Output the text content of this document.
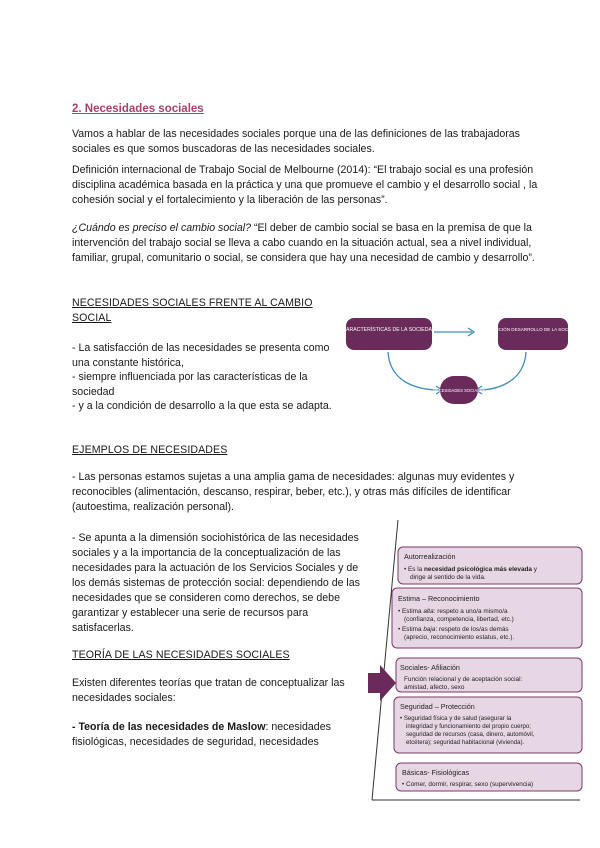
2. Necesidades sociales

Vamos a hablar de las necesidades sociales porque una de las definiciones de las trabajadoras sociales es que somos buscadoras de las necesidades sociales.

Definición internacional de Trabajo Social de Melbourne (2014): “El trabajo social es una profesión disciplina académica basada en la práctica y una que promueve el cambio y el desarrollo social , la cohesión social y el fortalecimiento y la liberación de las personas”.

¿Cuándo es preciso el cambio social? “El deber de cambio social se basa en la premisa de que la intervención del trabajo social se lleva a cabo cuando en la situación actual, sea a nivel individual, familiar, grupal, comunitario o social, se considera que hay una necesidad de cambio y desarrollo”.

NECESIDADES SOCIALES FRENTE AL CAMBIO SOCIAL

- La satisfacción de las necesidades se presenta como una constante histórica,

- siempre influenciada por las características de la sociedad

- y a la condición de desarrollo a la que esta se adapta.

CARACTERÍSTICAS DE LA SOCIEDAD	CONDICIÓN DESARROLLO DE LA SOCIEDAD
NECESIDADES SOCIALES

EJEMPLOS DE NECESIDADES

- Las personas estamos sujetas a una amplia gama de necesidades: algunas muy evidentes y reconocibles (alimentación, descanso, respirar, beber, etc.), y otras más difíciles de identificar (autoestima, realización personal).

- Se apunta a la dimensión sociohistórica de las necesidades sociales y a la importancia de la conceptualización de las necesidades para la actuación de los Servicios Sociales y de los demás sistemas de protección social: dependiendo de las necesidades que se consideren como derechos, se debe garantizar y establecer una serie de recursos para satisfacerlas.

TEORÍA DE LAS NECESIDADES SOCIALES

Existen diferentes teorías que tratan de conceptualizar las necesidades sociales:

- Teoría de las necesidades de Maslow: necesidades fisiológicas, necesidades de seguridad, necesidades

Autorrealización
• Es la necesidad psicológica más elevada y
dirige al sentido de la vida.
Estima – Reconocimiento
• Estima alta: respeto a uno/a mismo/a
(confianza, competencia, libertad, etc.)
• Estima baja: respeto de los/as demás
(aprecio, reconocimiento estatus, etc.).
Sociales- Afiliación
Función relacional y de aceptación social:
amistad, afecto, sexo
Seguridad – Protección
• Seguridad física y de salud (asegurar la
integridad y funcionamiento del propio cuerpo;
seguridad de recursos (casa, dinero, automóvil,
etcétera); seguridad habitacional (vivienda).
Básicas- Fisiológicas
• Comer, dormir, respirar, sexo (supervivencia)
